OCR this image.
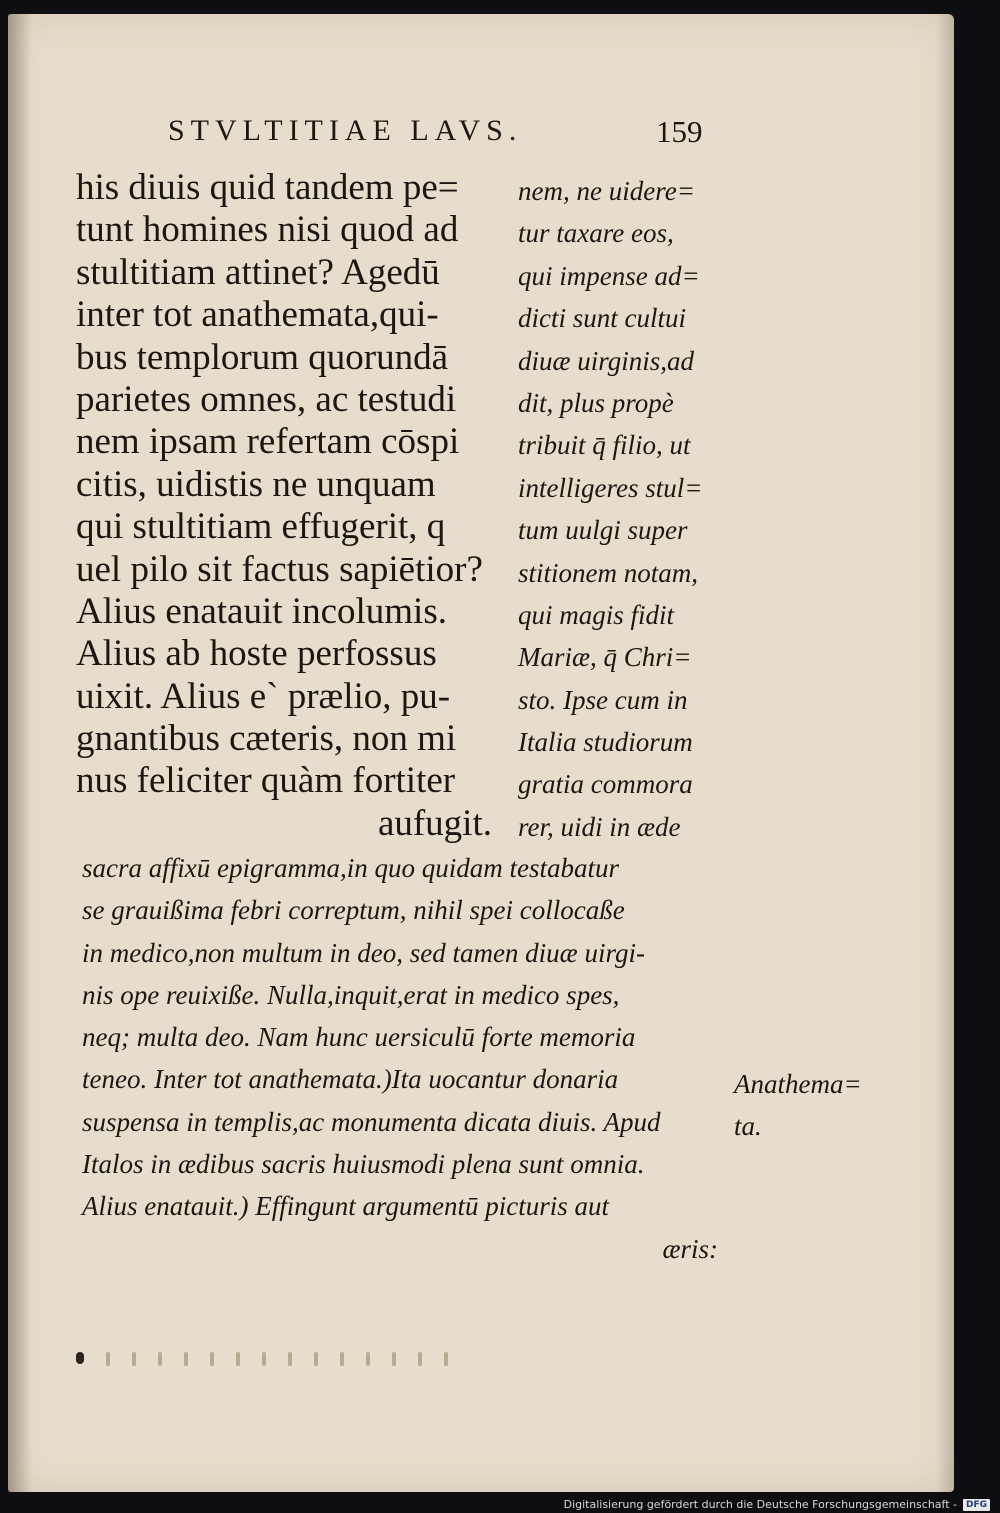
STVLTITIAE LAVS.	159
his diuis quid tandem pe=
tunt homines nisi quod ad
stultitiam attinet? Agedū
inter tot anathemata,qui-
bus templorum quorundā
parietes omnes, ac testudi
nem ipsam refertam cōspi
citis, uidistis ne unquam
qui stultitiam effugerit, q
uel pilo sit factus sapiētior?
Alius enatauit incolumis.
Alius ab hoste perfossus
uixit. Alius e` prælio, pu-
gnantibus cæteris, non mi
nus feliciter quàm fortiter
aufugit.
nem, ne uidere=
tur taxare eos,
qui impense ad=
dicti sunt cultui
diuæ uirginis,ad
dit, plus propè
tribuit q̄ filio, ut
intelligeres stul=
tum uulgi super
stitionem notam,
qui magis fidit
Mariæ, q̄ Chri=
sto. Ipse cum in
Italia studiorum
gratia commora
rer, uidi in æde
sacra affixū epigramma,in quo quidam testabatur
se grauißima febri correptum, nihil spei collocaße
in medico,non multum in deo, sed tamen diuæ uirgi-
nis ope reuixiße. Nulla,inquit,erat in medico spes,
neq; multa deo. Nam hunc uersiculū forte memoria
teneo. Inter tot anathemata.)Ita uocantur donaria
suspensa in templis,ac monumenta dicata diuis. Apud
Italos in ædibus sacris huiusmodi plena sunt omnia.
Alius enatauit.) Effingunt argumentū picturis aut
æris:
Anathema=
ta.
Digitalisierung gefördert durch die Deutsche Forschungsgemeinschaft -	DFG
